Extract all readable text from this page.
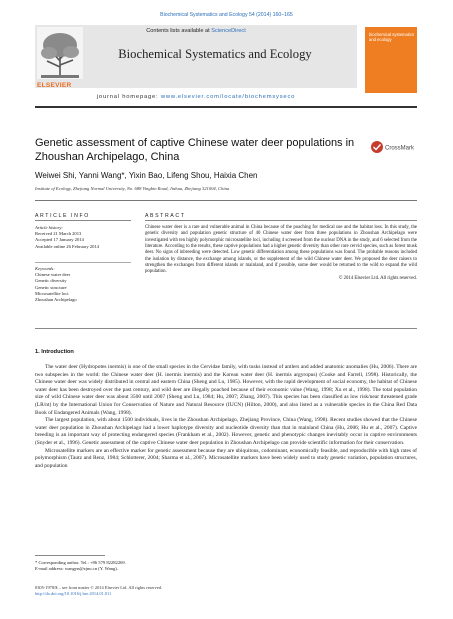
Biochemical Systematics and Ecology 54 (2014) 160–165
Contents lists available at ScienceDirect
Biochemical Systematics and Ecology
journal homepage: www.elsevier.com/locate/biochemsyseco
ELSEVIER
biochemical systematics and ecology
Genetic assessment of captive Chinese water deer populations in Zhoushan Archipelago, China
CrossMark
Weiwei Shi, Yanni Wang*, Yixin Bao, Lifeng Shou, Haixia Chen
Institute of Ecology, Zhejiang Normal University, No. 688 Yingbin Road, Jinhua, Zhejiang 321004, China
ARTICLE INFO	ABSTRACT
Article history:
Received 21 March 2013
Accepted 17 January 2014
Available online 26 February 2014
Keywords:
Chinese water deer
Genetic diversity
Genetic structure
Microsatellite loci
Zhoushan Archipelago
Chinese water deer is a rare and vulnerable animal in China because of the poaching for medical use and the habitat loss. In this study, the genetic diversity and population genetic structure of 40 Chinese water deer from three populations in Zhoushan Archipelago were investigated with ten highly polymorphic microsatellite loci, including 4 screened from the nuclear DNA in the study, and 6 selected from the literature. According to the results, these captive populations had a higher genetic diversity than other rare cervid species, such as forest musk deer. No signs of inbreeding were detected. Low genetic differentiation among these populations was found. The probable reasons included the isolation by distance, the exchange among islands, or the supplement of the wild Chinese water deer. We proposed the deer raisers to strengthen the exchanges from different islands or mainland, and if possible, some deer would be returned to the wild to expand the wild population.
© 2014 Elsevier Ltd. All rights reserved.
1. Introduction

The water deer (Hydropotes inermis) is one of the small species in the Cervidae family, with tusks instead of antlers and added anatomic anomalies (Hu, 2006). There are two subspecies in the world: the Chinese water deer (H. inermis inermis) and the Korean water deer (H. inermis argyropus) (Cooke and Farrell, 1998). Historically, the Chinese water deer was widely distributed in central and eastern China (Sheng and Lu, 1985). However, with the rapid development of social economy, the habitat of Chinese water deer has been destroyed over the past century, and wild deer are illegally poached because of their economic value (Wang, 1998; Xu et al., 1998). The total population size of wild Chinese water deer was about 3500 until 2007 (Sheng and Lu, 1984; Hu, 2007; Zhang, 2007). This species has been classified as low risk/near threatened grade (LR/nt) by the International Union for Conservation of Nature and Natural Resource (IUCN) (Hilton, 2000), and also listed as a vulnerable species in the China Red Data Book of Endangered Animals (Wang, 1998).

The largest population, with about 1500 individuals, lives in the Zhoushan Archipelago, Zhejiang Province, China (Wang, 1998). Recent studies showed that the Chinese water deer population in Zhoushan Archipelago had a lower haplotype diversity and nucleotide diversity than that in mainland China (Hu, 2006; Hu et al., 2007). Captive breeding is an important way of protecting endangered species (Frankham et al., 2002). However, genetic and phenotypic changes inevitably occur in captive environments (Snyder et al., 1996). Genetic assessment of the captive Chinese water deer population in Zhoushan Archipelago can provide scientific information for their conservation.

Microsatellite markers are an effective marker for genetic assessment because they are ubiquitous, codominant, economically feasible, and reproducible with high rates of polymorphism (Tautz and Renz, 1984; Schlotterer, 2004; Sharma et al., 2007). Microsatellite markers have been widely used to study genetic variation, population structures, and population

* Corresponding author. Tel.: +86 579 82282269.
E-mail address: wangyn@zjnu.cn (Y. Wang).
0305-1978/$ – see front matter © 2014 Elsevier Ltd. All rights reserved.
http://dx.doi.org/10.1016/j.bse.2014.01.011
